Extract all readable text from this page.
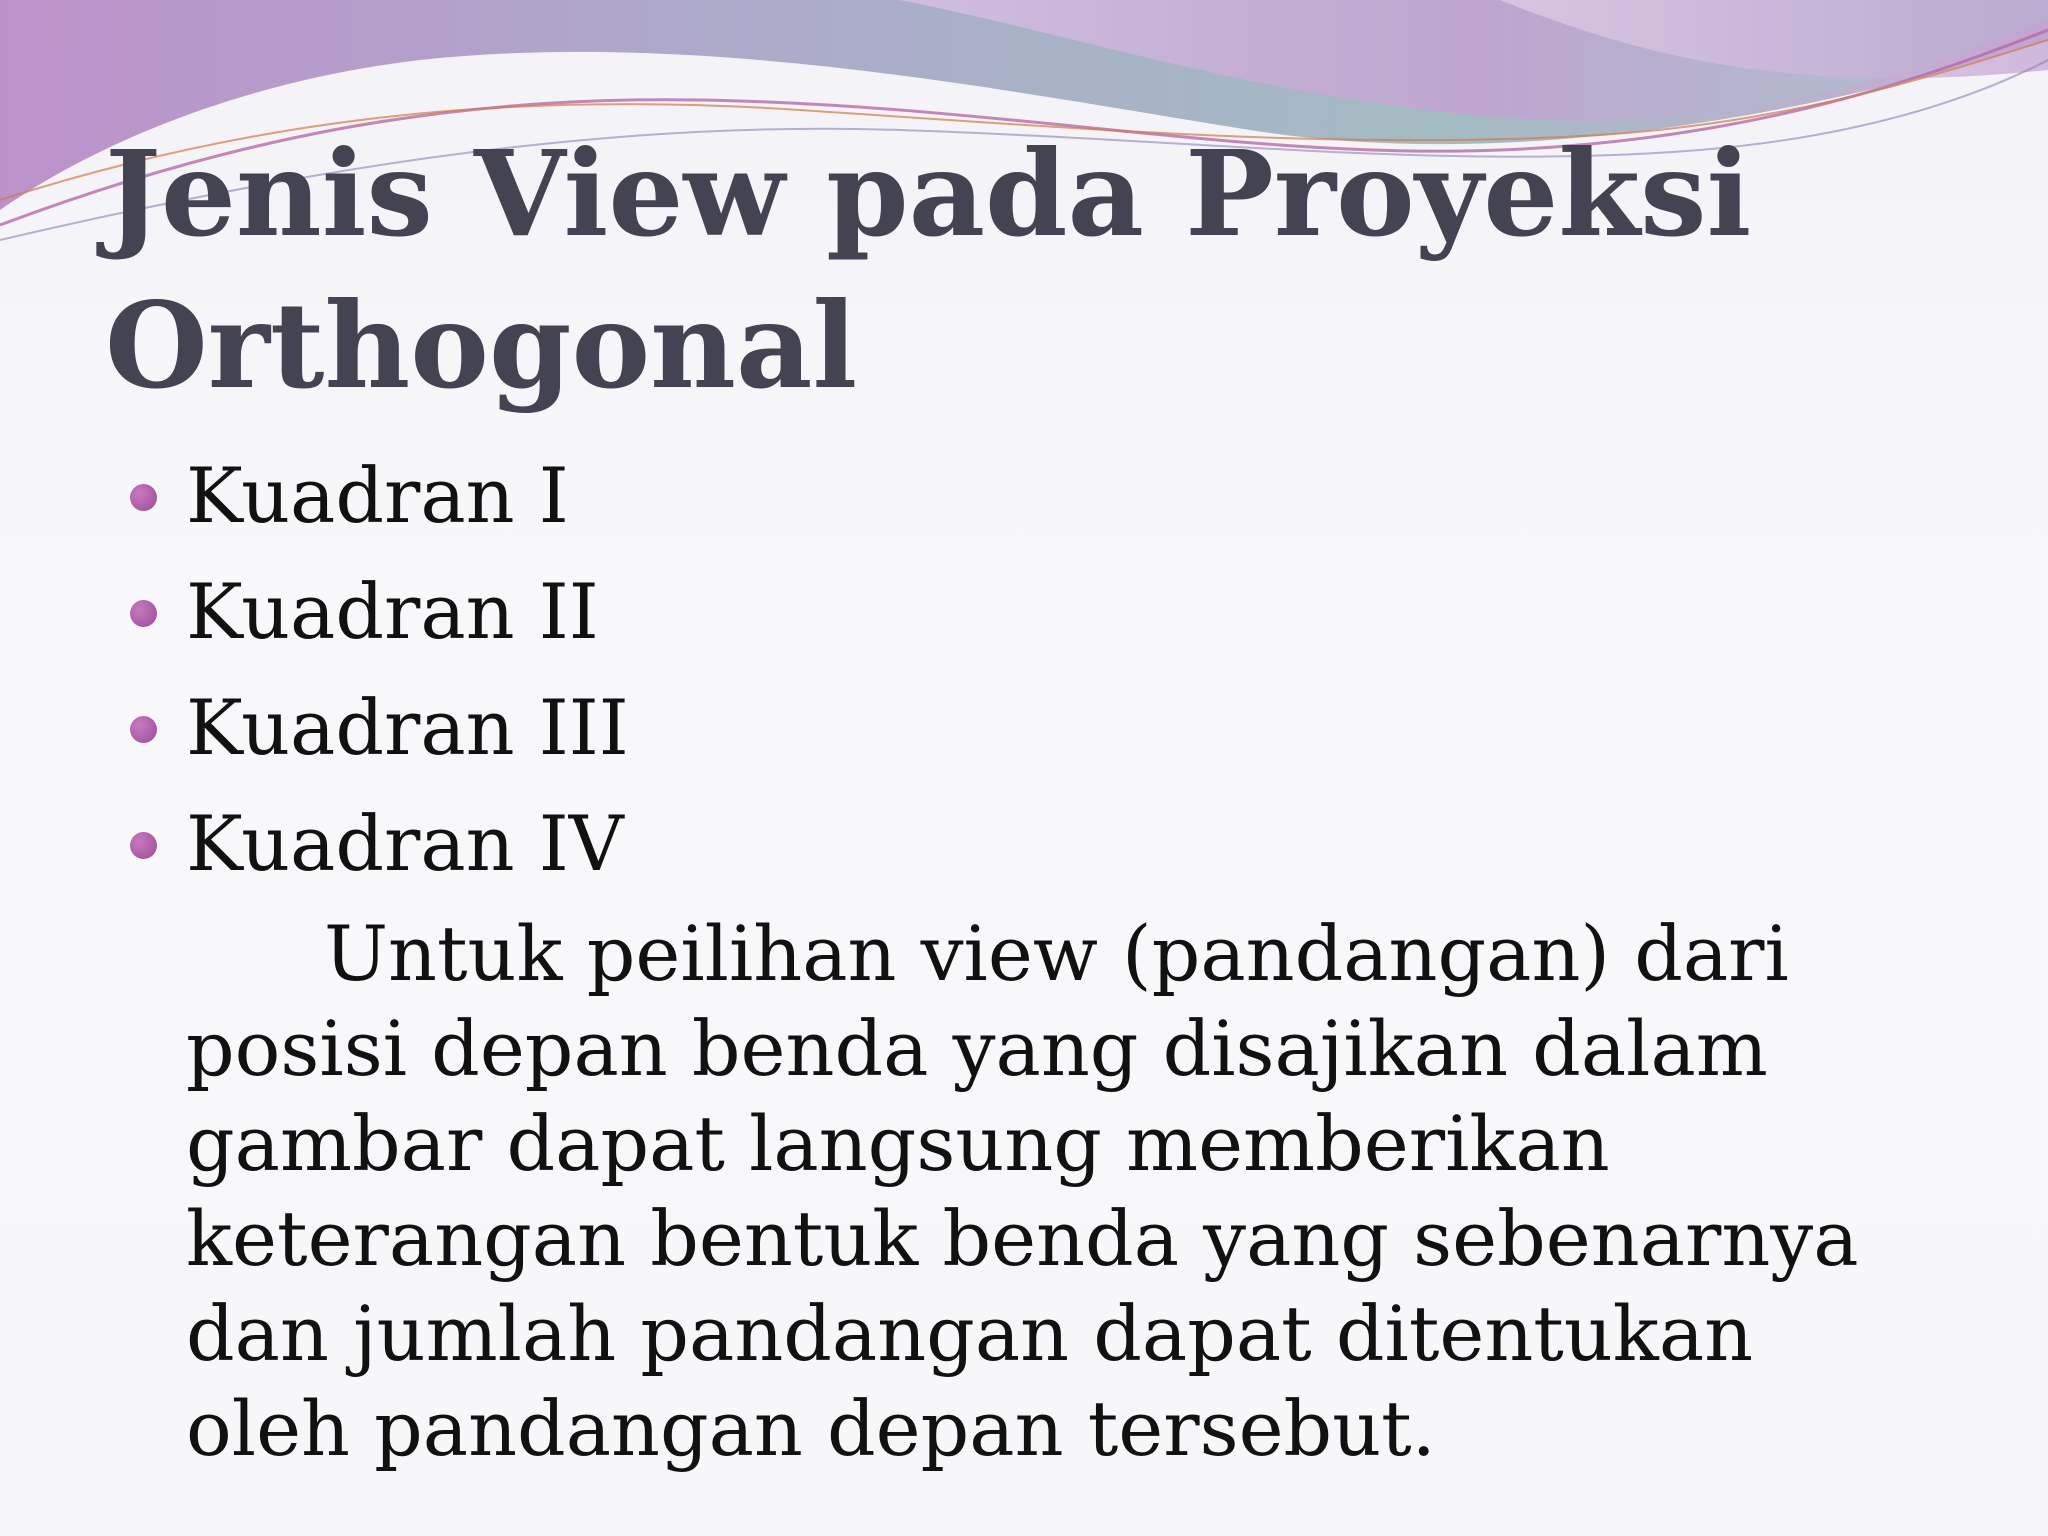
Jenis View pada Proyeksi
Orthogonal
Kuadran I
Kuadran II
Kuadran III
Kuadran IV

Untuk peilihan view (pandangan) dari posisi depan benda yang disajikan dalam gambar dapat langsung memberikan keterangan bentuk benda yang sebenarnya dan jumlah pandangan dapat ditentukan oleh pandangan depan tersebut.
